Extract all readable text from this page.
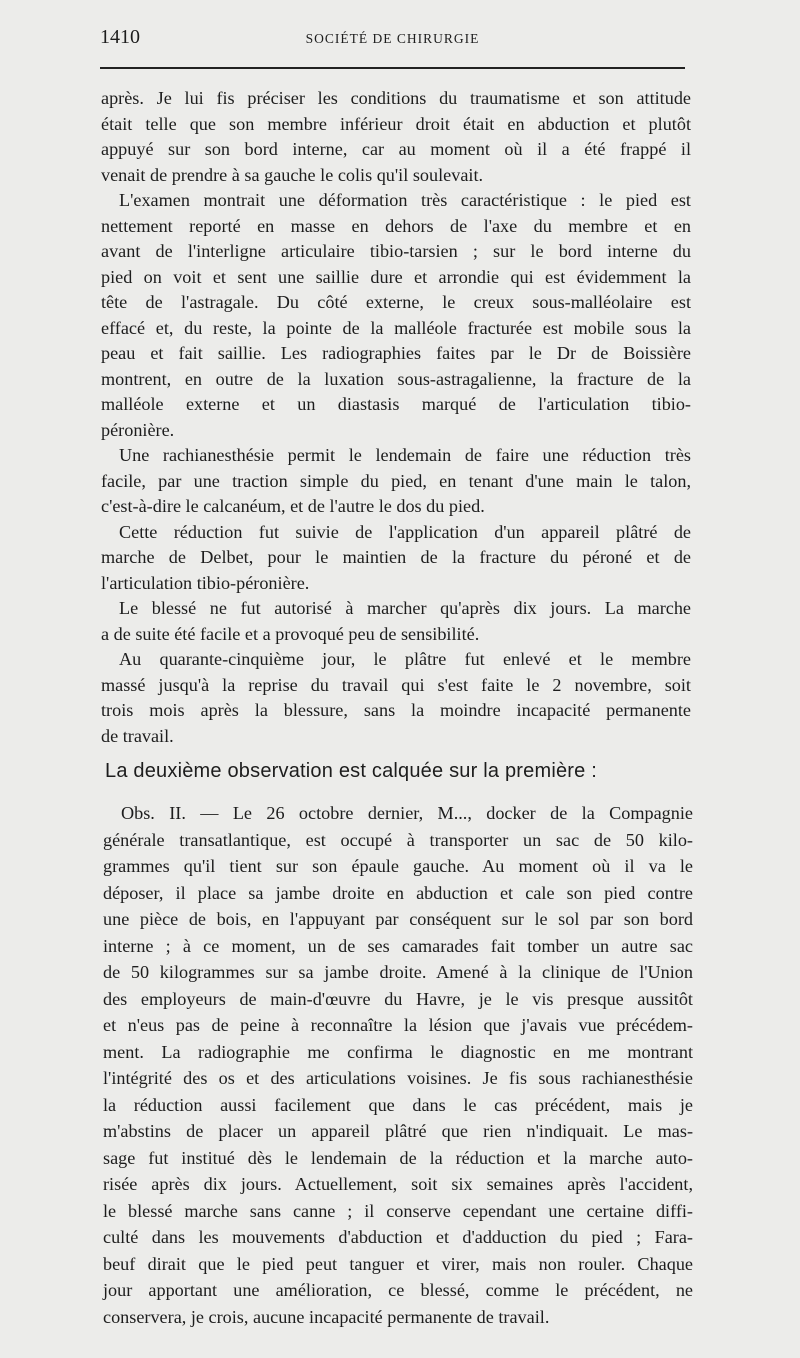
1410	SOCIÉTÉ DE CHIRURGIE
après. Je lui fis préciser les conditions du traumatisme et son attitude
était telle que son membre inférieur droit était en abduction et plutôt
appuyé sur son bord interne, car au moment où il a été frappé il
venait de prendre à sa gauche le colis qu'il soulevait.
L'examen montrait une déformation très caractéristique : le pied est
nettement reporté en masse en dehors de l'axe du membre et en
avant de l'interligne articulaire tibio-tarsien ; sur le bord interne du
pied on voit et sent une saillie dure et arrondie qui est évidemment la
tête de l'astragale. Du côté externe, le creux sous-malléolaire est
effacé et, du reste, la pointe de la malléole fracturée est mobile sous la
peau et fait saillie. Les radiographies faites par le Dr de Boissière
montrent, en outre de la luxation sous-astragalienne, la fracture de la
malléole externe et un diastasis marqué de l'articulation tibio-
péronière.
Une rachianesthésie permit le lendemain de faire une réduction très
facile, par une traction simple du pied, en tenant d'une main le talon,
c'est-à-dire le calcanéum, et de l'autre le dos du pied.
Cette réduction fut suivie de l'application d'un appareil plâtré de
marche de Delbet, pour le maintien de la fracture du péroné et de
l'articulation tibio-péronière.
Le blessé ne fut autorisé à marcher qu'après dix jours. La marche
a de suite été facile et a provoqué peu de sensibilité.
Au quarante-cinquième jour, le plâtre fut enlevé et le membre
massé jusqu'à la reprise du travail qui s'est faite le 2 novembre, soit
trois mois après la blessure, sans la moindre incapacité permanente
de travail.
La deuxième observation est calquée sur la première :
Obs. II. — Le 26 octobre dernier, M..., docker de la Compagnie
générale transatlantique, est occupé à transporter un sac de 50 kilo-
grammes qu'il tient sur son épaule gauche. Au moment où il va le
déposer, il place sa jambe droite en abduction et cale son pied contre
une pièce de bois, en l'appuyant par conséquent sur le sol par son bord
interne ; à ce moment, un de ses camarades fait tomber un autre sac
de 50 kilogrammes sur sa jambe droite. Amené à la clinique de l'Union
des employeurs de main-d'œuvre du Havre, je le vis presque aussitôt
et n'eus pas de peine à reconnaître la lésion que j'avais vue précédem-
ment. La radiographie me confirma le diagnostic en me montrant
l'intégrité des os et des articulations voisines. Je fis sous rachianesthésie
la réduction aussi facilement que dans le cas précédent, mais je
m'abstins de placer un appareil plâtré que rien n'indiquait. Le mas-
sage fut institué dès le lendemain de la réduction et la marche auto-
risée après dix jours. Actuellement, soit six semaines après l'accident,
le blessé marche sans canne ; il conserve cependant une certaine diffi-
culté dans les mouvements d'abduction et d'adduction du pied ; Fara-
beuf dirait que le pied peut tanguer et virer, mais non rouler. Chaque
jour apportant une amélioration, ce blessé, comme le précédent, ne
conservera, je crois, aucune incapacité permanente de travail.
